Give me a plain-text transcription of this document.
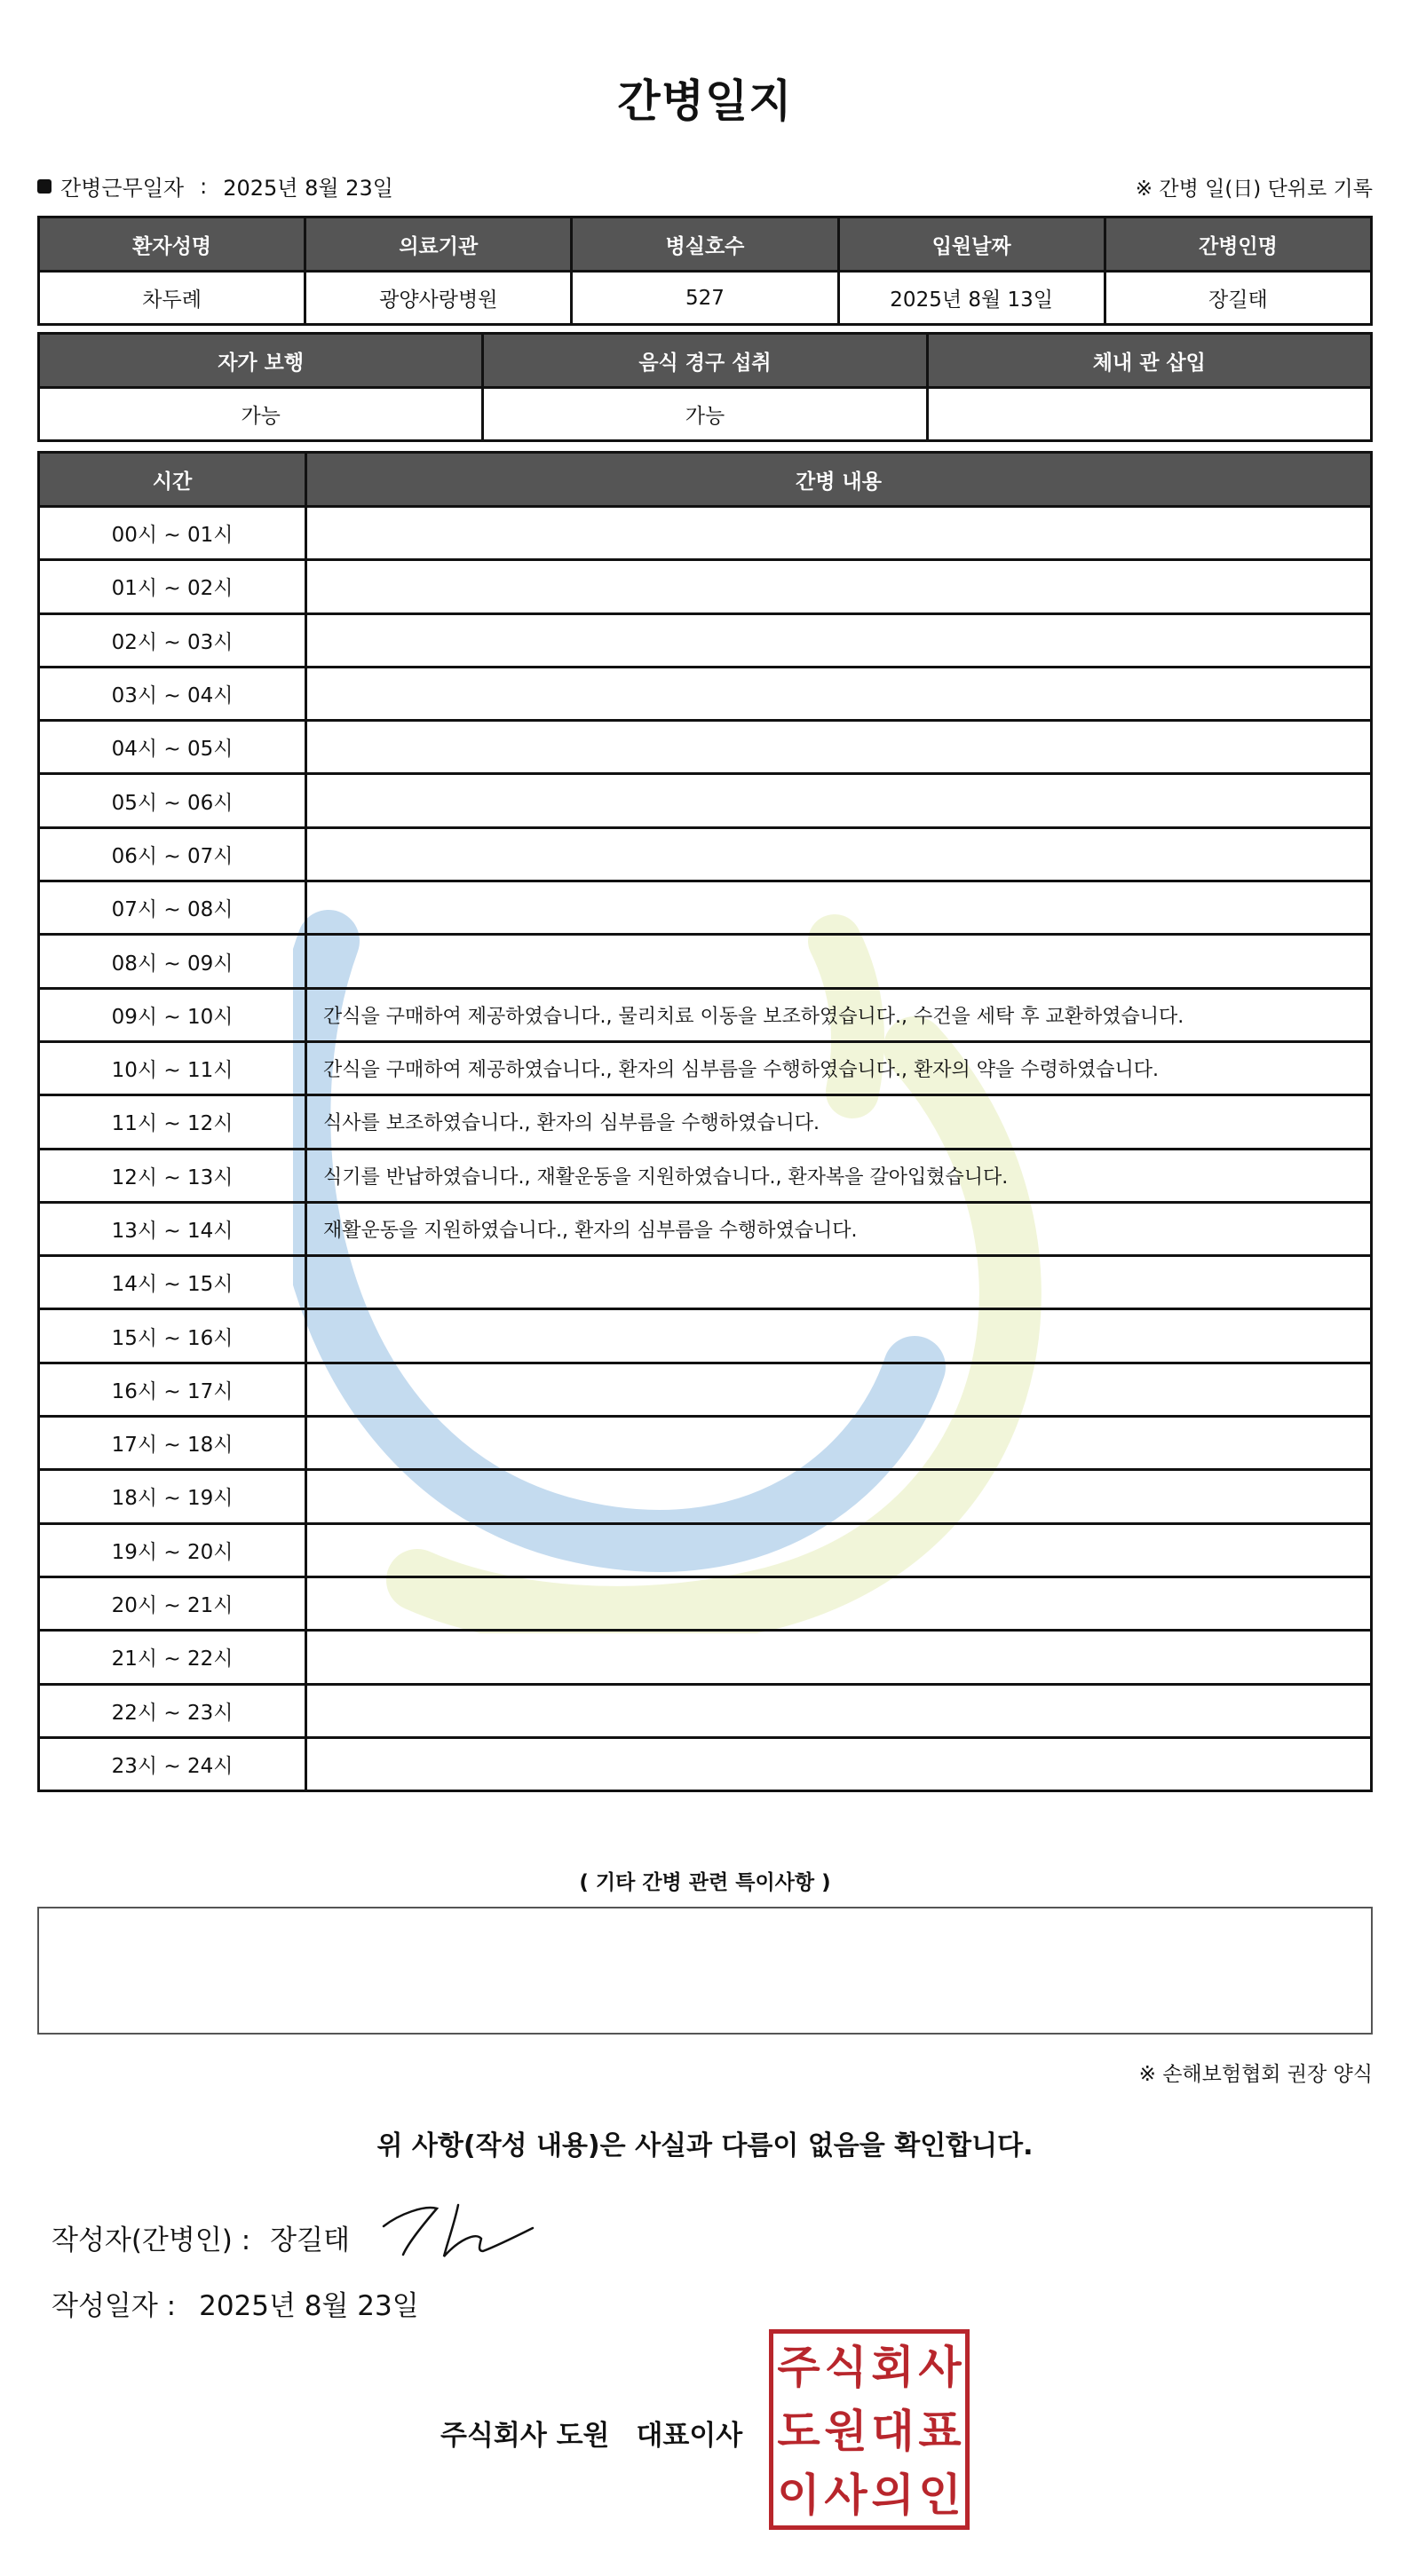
간병일지
간병근무일자 : 2025년 8월 23일	※ 간병 일(日) 단위로 기록
환자성명	의료기관	병실호수	입원날짜	간병인명
차두례	광양사랑병원	527	2025년 8월 13일	장길태
자가 보행	음식 경구 섭취	체내 관 삽입
가능	가능	
시간	간병 내용
00시 ~ 01시	
01시 ~ 02시	
02시 ~ 03시	
03시 ~ 04시	
04시 ~ 05시	
05시 ~ 06시	
06시 ~ 07시	
07시 ~ 08시	
08시 ~ 09시	
09시 ~ 10시	간식을 구매하여 제공하였습니다., 물리치료 이동을 보조하였습니다., 수건을 세탁 후 교환하였습니다.
10시 ~ 11시	간식을 구매하여 제공하였습니다., 환자의 심부름을 수행하였습니다., 환자의 약을 수령하였습니다.
11시 ~ 12시	식사를 보조하였습니다., 환자의 심부름을 수행하였습니다.
12시 ~ 13시	식기를 반납하였습니다., 재활운동을 지원하였습니다., 환자복을 갈아입혔습니다.
13시 ~ 14시	재활운동을 지원하였습니다., 환자의 심부름을 수행하였습니다.
14시 ~ 15시	
15시 ~ 16시	
16시 ~ 17시	
17시 ~ 18시	
18시 ~ 19시	
19시 ~ 20시	
20시 ~ 21시	
21시 ~ 22시	
22시 ~ 23시	
23시 ~ 24시	
( 기타 간병 관련 특이사항 )
※ 손해보험협회 권장 양식
위 사항(작성 내용)은 사실과 다름이 없음을 확인합니다.
작성자(간병인) : 장길태
작성일자 : 2025년 8월 23일
주식회사 도원 대표이사
주 식 회 사
도 원 대 표
이 사 의 인
